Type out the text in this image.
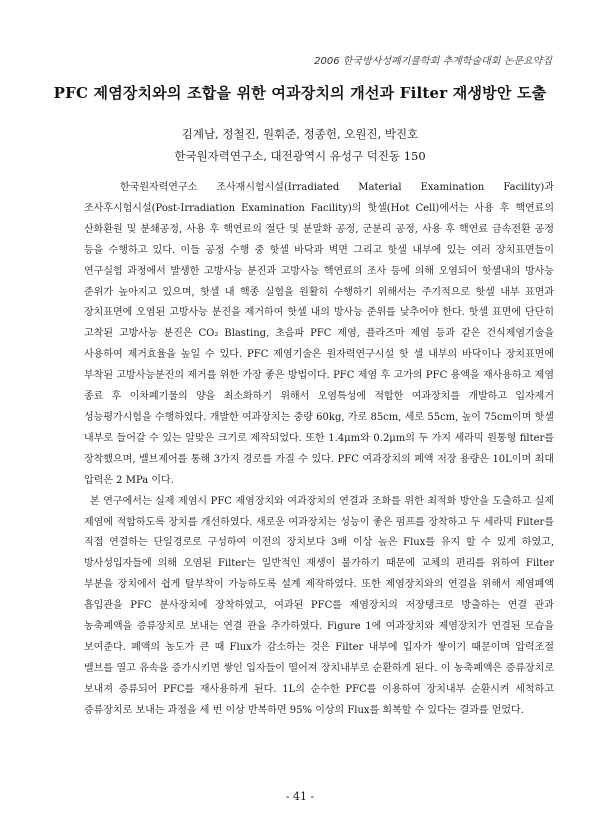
2006 한국방사성폐기물학회 추계학술대회 논문요약집
PFC 제염장치와의 조합을 위한 여과장치의 개선과 Filter 재생방안 도출
김계남, 정철진, 원휘준, 정종헌, 오원진, 박진호
한국원자력연구소, 대전광역시 유성구 덕진동 150

한국원자력연구소 조사재시험시설(Irradiated Material Examination Facility)과 조사후시험시설(Post-Irradiation Examination Facility)의 핫셀(Hot Cell)에서는 사용 후 핵연료의 산화환원 및 분쇄공정, 사용 후 핵연료의 절단 및 분말화 공정, 군분리 공정, 사용 후 핵연료 금속전환 공정 등을 수행하고 있다. 이들 공정 수행 중 핫셀 바닥과 벽면 그리고 핫셀 내부에 있는 여러 장치표면들이 연구실험 과정에서 발생한 고방사능 분진과 고방사능 핵연료의 조사 등에 의해 오염되어 핫셀내의 방사능 준위가 높아지고 있으며, 핫셀 내 핵종 실험을 원활히 수행하기 위해서는 주기적으로 핫셀 내부 표면과 장치표면에 오염된 고방사능 분진을 제거하여 핫셀 내의 방사능 준위를 낮추어야 한다. 핫셀 표면에 단단히 고착된 고방사능 분진은 CO₂ Blasting, 초음파 PFC 제염, 플라즈마 제염 등과 같은 건식제염기술을 사용하여 제거효율을 높일 수 있다. PFC 제염기술은 원자력연구시설 핫 셀 내부의 바닥이나 장치표면에 부착된 고방사능분진의 제거를 위한 가장 좋은 방법이다. PFC 제염 후 고가의 PFC 용액을 재사용하고 제염 종료 후 이차폐기물의 양을 최소화하기 위해서 오염특성에 적합한 여과장치를 개발하고 입자제거 성능평가시험을 수행하였다. 개발한 여과장치는 중량 60kg, 가로 85cm, 세로 55cm, 높이 75cm이며 핫셀 내부로 들어갈 수 있는 알맞은 크기로 제작되었다. 또한 1.4μm와 0.2μm의 두 가지 세라믹 원통형 filter를 장착했으며, 밸브제어를 통해 3가지 경로를 가질 수 있다. PFC 여과장치의 폐액 저장 용량은 10L이며 최대 압력은 2 MPa 이다.

본 연구에서는 실제 제염시 PFC 제염장치와 여과장치의 연결과 조화를 위한 최적화 방안을 도출하고 실제 제염에 적합하도록 장치를 개선하였다. 새로운 여과장치는 성능이 좋은 펌프를 장착하고 두 세라믹 Filter를 직접 연결하는 단일경로로 구성하여 이전의 장치보다 3배 이상 높은 Flux를 유지 할 수 있게 하였고, 방사성입자들에 의해 오염된 Filter는 일반적인 재생이 불가하기 때문에 교체의 편리를 위하여 Filter 부분을 장치에서 쉽게 탈부착이 가능하도록 설계 제작하였다. 또한 제염장치와의 연결을 위해서 제염폐액 흡입관을 PFC 분사장치에 장착하였고, 여과된 PFC를 제염장치의 저장탱크로 방출하는 연결 관과 농축폐액을 증류장치로 보내는 연결 관을 추가하였다. Figure 1에 여과장치와 제염장치가 연결된 모습을 보여준다. 폐액의 농도가 큰 때 Flux가 감소하는 것은 Filter 내부에 입자가 쌓이기 때문이며 압력조절 밸브를 열고 유속을 증가시키면 쌓인 입자들이 떨어져 장치내부로 순환하게 된다. 이 농축폐액은 증류장치로 보내져 증류되어 PFC를 재사용하게 된다. 1L의 순수한 PFC를 이용하여 장치내부 순환시켜 세척하고 증류장치로 보내는 과정을 세 번 이상 반복하면 95% 이상의 Flux를 회복할 수 있다는 결과를 얻었다.

- 41 -
